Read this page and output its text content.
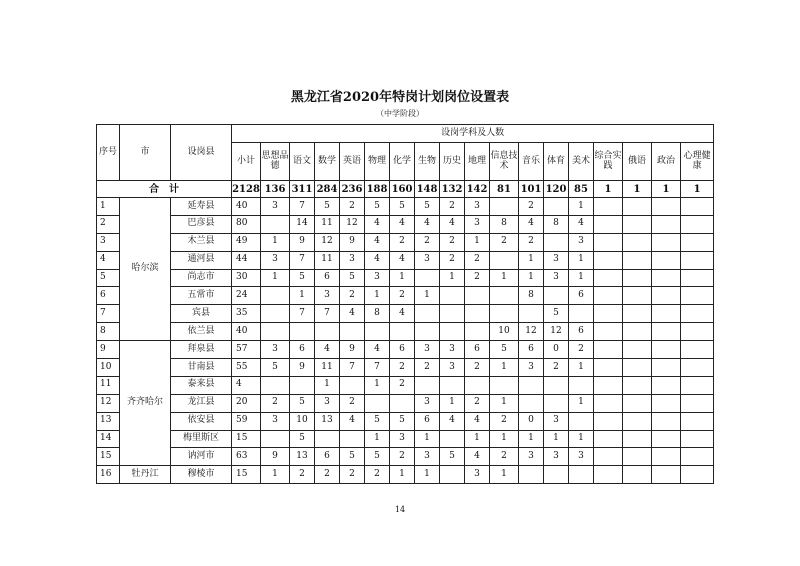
黑龙江省2020年特岗计划岗位设置表
（中学阶段）
序号	市	设岗县	设岗学科及人数																	
			小计	思想品德	语文	数学	英语	物理	化学	生物	历史	地理	信息技术	音乐	体育	美术	综合实践	俄语	政治	心理健康
合　计			2128	136	311	284	236	188	160	148	132	142	81	101	120	85	1	1	1	1
1	哈尔滨	延寿县	40	3	7	5	2	5	5	5	2	3		2		1				
2		巴彦县	80		14	11	12	4	4	4	4	3	8	4	8	4				
3		木兰县	49	1	9	12	9	4	2	2	2	1	2	2		3				
4		通河县	44	3	7	11	3	4	4	3	2	2		1	3	1				
5		尚志市	30	1	5	6	5	3	1		1	2	1	1	3	1				
6		五常市	24		1	3	2	1	2	1				8		6				
7		宾县	35		7	7	4	8	4						5					
8		依兰县	40										10	12	12	6				
9	齐齐哈尔	拜泉县	57	3	6	4	9	4	6	3	3	6	5	6	0	2				
10		甘南县	55	5	9	11	7	7	2	2	3	2	1	3	2	1				
11		泰来县	4			1		1	2											
12		龙江县	20	2	5	3	2			3	1	2	1			1				
13		依安县	59	3	10	13	4	5	5	6	4	4	2	0	3					
14		梅里斯区	15		5			1	3	1		1	1	1	1	1				
15		讷河市	63	9	13	6	5	5	2	3	5	4	2	3	3	3				
16	牡丹江	穆棱市	15	1	2	2	2	2	1	1		3	1							
14
